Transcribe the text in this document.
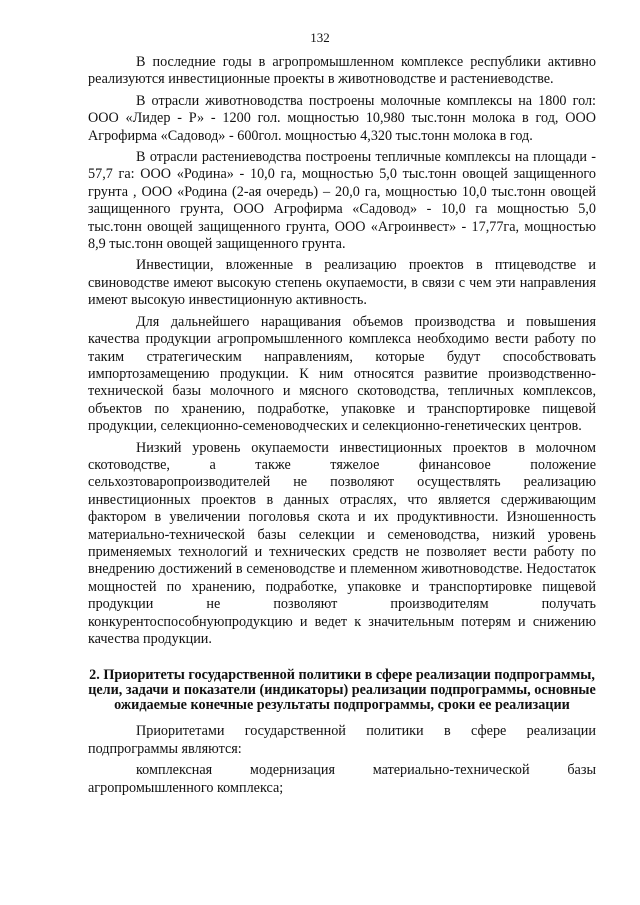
132

В последние годы в агропромышленном комплексе республики активно реализуются инвестиционные проекты в животноводстве и растениеводстве.

В отрасли животноводства построены молочные комплексы на 1800 гол: ООО «Лидер - Р» - 1200 гол. мощностью 10,980 тыс.тонн молока в год, ООО Агрофирма «Садовод» - 600гол. мощностью 4,320 тыс.тонн молока в год.

В отрасли растениеводства построены тепличные комплексы на площади - 57,7 га: ООО «Родина» - 10,0 га, мощностью 5,0 тыс.тонн овощей защищенного грунта , ООО «Родина (2-ая очередь) – 20,0 га, мощностью 10,0 тыс.тонн овощей защищенного грунта, ООО Агрофирма «Садовод» - 10,0 га мощностью 5,0 тыс.тонн овощей защищенного грунта, ООО «Агроинвест» - 17,77га, мощностью 8,9 тыс.тонн овощей защищенного грунта.

Инвестиции, вложенные в реализацию проектов в птицеводстве и свиноводстве имеют высокую степень окупаемости, в связи с чем эти направления имеют высокую инвестиционную активность.

Для дальнейшего наращивания объемов производства и повышения качества продукции агропромышленного комплекса необходимо вести работу по таким стратегическим направлениям, которые будут способствовать импортозамещению продукции. К ним относятся развитие производственно-технической базы молочного и мясного скотоводства, тепличных комплексов, объектов по хранению, подработке, упаковке и транспортировке пищевой продукции, селекционно-семеноводческих и селекционно-генетических центров.

Низкий уровень окупаемости инвестиционных проектов в молочном скотоводстве, а также тяжелое финансовое положение сельхозтоваропроизводителей не позволяют осуществлять реализацию инвестиционных проектов в данных отраслях, что является сдерживающим фактором в увеличении поголовья скота и их продуктивности. Изношенность материально-технической базы селекции и семеноводства, низкий уровень применяемых технологий и технических средств не позволяет вести работу по внедрению достижений в семеноводстве и племенном животноводстве. Недостаток мощностей по хранению, подработке, упаковке и транспортировке пищевой продукции не позволяют производителям получать конкурентоспособнуюпродукцию и ведет к значительным потерям и снижению качества продукции.

2. Приоритеты государственной политики в сфере реализации подпрограммы, цели, задачи и показатели (индикаторы) реализации подпрограммы, основные ожидаемые конечные результаты подпрограммы, сроки ее реализации

Приоритетами государственной политики в сфере реализации подпрограммы являются:

комплексная модернизация материально-технической базы агропромышленного комплекса;
